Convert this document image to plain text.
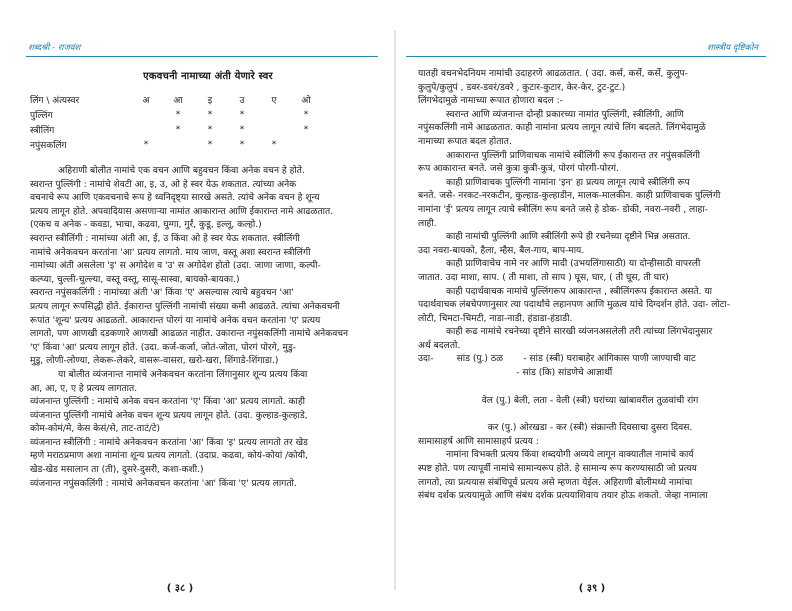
शब्दश्री - राजवंश
एकवचनी नामाच्या अंती येणारे स्वर
लिंग \ अंत्यस्वर	अ	आ	इ	उ	ए	ओ
पुल्लिंग		*	*	*		*
स्त्रीलिंग		*	*	*		*
नपुंसकलिंग	*		*	*	*	

अहिराणी बोलीत नामांचे एक वचन आणि बहुवचन किंवा अनेक वचन हे होते.

स्वरान्त पुल्लिंगी : नामांचे शेवटी आ, इ, उ, ओ हे स्वर येऊ शकतात. त्यांच्या अनेक

वचनाचे रूप आणि एकवचनाचे रूप हे ध्वनिदृष्ट्या सारखे असते. त्यांचे अनेक वचन हे शून्य

प्रत्यय लागून होते. अपवादियास असणाऱ्या नामांत आकारान्त आणि ईकारान्त नामे आढळतात.

(एकच व अनेक - कवडा, भाचा, कढवा, घुग्गा, गुर्रं, कुडू, इल्लू, कल्हो.)

स्वरान्त स्त्रीलिंगी : नामांच्या अंती आ, ई, उ किंवा ओ हे स्वर येऊ शकतात. स्त्रीलिंगी

नामांचे अनेकवचन करतांना 'आ' प्रत्यय लागतो. माय जाण, वस्तू अशा स्वरान्त स्त्रीलिंगी

नामांच्या अंती असलेला 'इ' स अगोदेश व 'उ' स अगोदेश होतो (उदा. जाणा जाणा, कल्पी-

कल्प्या, चुल्ली-चुल्ल्या, वस्तू वस्तू, सासू-सास्वा, बायको-बायका.)

स्वरान्त नपुंसकलिंगी : नामांच्या अंती 'अ' किंवा 'ए' असल्यास त्याचे बहुवचन 'आ'

प्रत्यय लागून रूपसिद्धी होते. ईकारान्त पुल्लिंगी नामांची संख्या कमी आढळते. त्यांचा अनेकवचनी

रूपांत 'शून्य' प्रत्यय आढळतो. आकारान्त पोरगं या नामांचे अनेक वचन करतांना 'ए' प्रत्यय

लागतो, पण आणखी दडकणारे आणखी आढळत नाहीत. उकारान्त नपुंसकलिंगी नामांचे अनेकवचन

'ए' किंवा 'आ' प्रत्यय लागून होते. (उदा. कर्ज-कर्जा, जोतं-जोता, पोरगं पोरगे, मुडु-

मुडु, लोणी-लोण्या, लेकरू-लेकरे, वासरू-वासरा, खरो-खरा, शिंगाडे-शिंगाडा.)

या बोलीत व्यंजनान्त नामांचे अनेकवचन करतांना लिंगानुसार शून्य प्रत्यय किंवा

आ, आ, ए, ए हे प्रत्यय लागतात.

व्यंजनान्त पुल्लिंगी : नामांचे अनेक वचन करतांना 'ए' किंवा 'आ' प्रत्यय लागतो. काही

व्यंजनान्त पुल्लिंगी नामांचे अनेक वचन शून्य प्रत्यय लागून होते. (उदा. कुल्हाड-कुल्हाडे,

कोम-कोमं/मे, केस केसं/से, ताट-ताटं/टे)

व्यंजनान्त स्त्रीलिंगी : नामांचे अनेकवचन करतांना 'आ' किंवा 'इ' प्रत्यय लागतो तर खेड

म्हणे मराठप्रमाण अशा नामांना शून्य प्रत्यय लागतो. (उदाप्र. कढवा, कोयं-कोयां /कोयी,

खेड-खेड मसालान ता (ती), दुसरे-दुसरी, कशा-कशी.)

व्यंजनान्त नपुंसकलिंगी : नामांचे अनेकवचन करतांना 'आ' किंवा 'ए' प्रत्यय लागतो.

( ३८ )
शास्त्रीय दृष्टिकोन

यातही वचनभेदनियम नामांची उदाहरणे आढळतात. ( उदा. कर्स, कर्से, कर्से, कुलुप-

कुलुपे/कुलुपं , डवर-डवरं/डवरे , कुटार-कुटार, केर-केर, टुट-टुट.)

लिंगभेदामुळे नामाच्या रूपात होणारा बदल :-

स्वरान्त आणि व्यंजनान्त दोन्ही प्रकारच्या नामांत पुल्लिंगी, स्त्रीलिंगी, आणि

नपुंसकलिंगी नामे आढळतात. काही नामांना प्रत्यय लागून त्यांचे लिंग बदलते. लिंगभेदामुळे

नामाच्या रूपात बदल होतात.

आकारान्त पुल्लिंगी प्राणिवाचक नामांचे स्त्रीलिंगी रूप ईकारान्त तर नपुंसकलिंगी

रूप आकारान्त बनते. जसे कुत्रा कुत्री-कुत्रं, पोरगं पोरगी-पोरगं.

काही प्राणिवाचक पुल्लिंगी नामांना 'इन' हा प्रत्यय लागून त्याचे स्त्रीलिंगी रूप

बनते. जसे- नरकट-नरकटीन, कुल्हाड-कुल्हाडीन, मालक-मालकीन. काही प्राणिवाचक पुल्लिंगी

नामांना 'ई' प्रत्यय लागून त्याचे स्त्रीलिंग रूप बनते जसे हे डोक- डोकी, नवरा-नवरी , लाहा-

लाही.

काही नामांची पुल्लिंगी आणि स्त्रीलिंगी रूपे ही रचनेच्या दृष्टीने भिन्न असतात.

उदा नवरा-बायको, हैला, म्हैस, बैल-गाय, बाप-माय.

काही प्राणिवाचेच नामे नर आणि मादी (उभयलिंगासाठी) या दोन्हीसाठी वापरली

जातात. उदा माशा, साप. ( ती माशा, तो साप ) घूस, घार, ( ती घूस, ती घार)

काही पदार्थवाचक नामांचे पुल्लिंगरूप आकारान्त , स्त्रीलिंगरूप ईकारान्त असते. या

पदार्थवाचक लंबचेपणानुसार त्या पदार्थांचे लहानपण आणि मुळत्व यांचे दिग्दर्शन होते. उदा- लोटा-

लोटी, चिमटा-चिमटी, नाडा-नाडी, हंडाडा-हंडाडी.

काही रूढ नामांचे रचनेच्या दृष्टीने सारखी व्यंजनअसलेली तरी त्यांच्या लिंगभेदानुसार

अर्थ बदलतो.

उदा-        सांड (पु.) ठळ       - सांड (स्त्री) घराबाहेर आंगिकास पाणी जाण्याची वाट

- सांड (कि) सांडणेचे आज्ञार्थी

वेल (पु.) बेली, लता - वेली (स्त्री) घरांच्या खांबावरील तुळवांची रांग

कर (पु.) ओरखडा - कर (स्त्री) संक्रान्ती दिवसाचा दुसरा दिवस.

सामासाहर्ष आणि सामासाहर्प प्रत्यय :

नामांना विभक्ती प्रत्यय किंवा शब्दयोगी अव्यये लागून वाक्यातील नामांचे कार्य

स्पष्ट होते. पण त्यापूर्वी नामांचे सामान्यरूप होते. हे सामान्य रूप करण्यासाठी जो प्रत्यय

लागतो, त्या प्रत्ययास संबंधिपूर्व प्रत्यय असे म्हणता येईल. अहिराणी बोलीमध्ये नामांचा

संबंध दर्शक प्रत्ययामुळे आणि संबंध दर्शक प्रत्ययाशिवाय तयार होऊ शकतो. जेव्हा नामाला

( ३९ )
